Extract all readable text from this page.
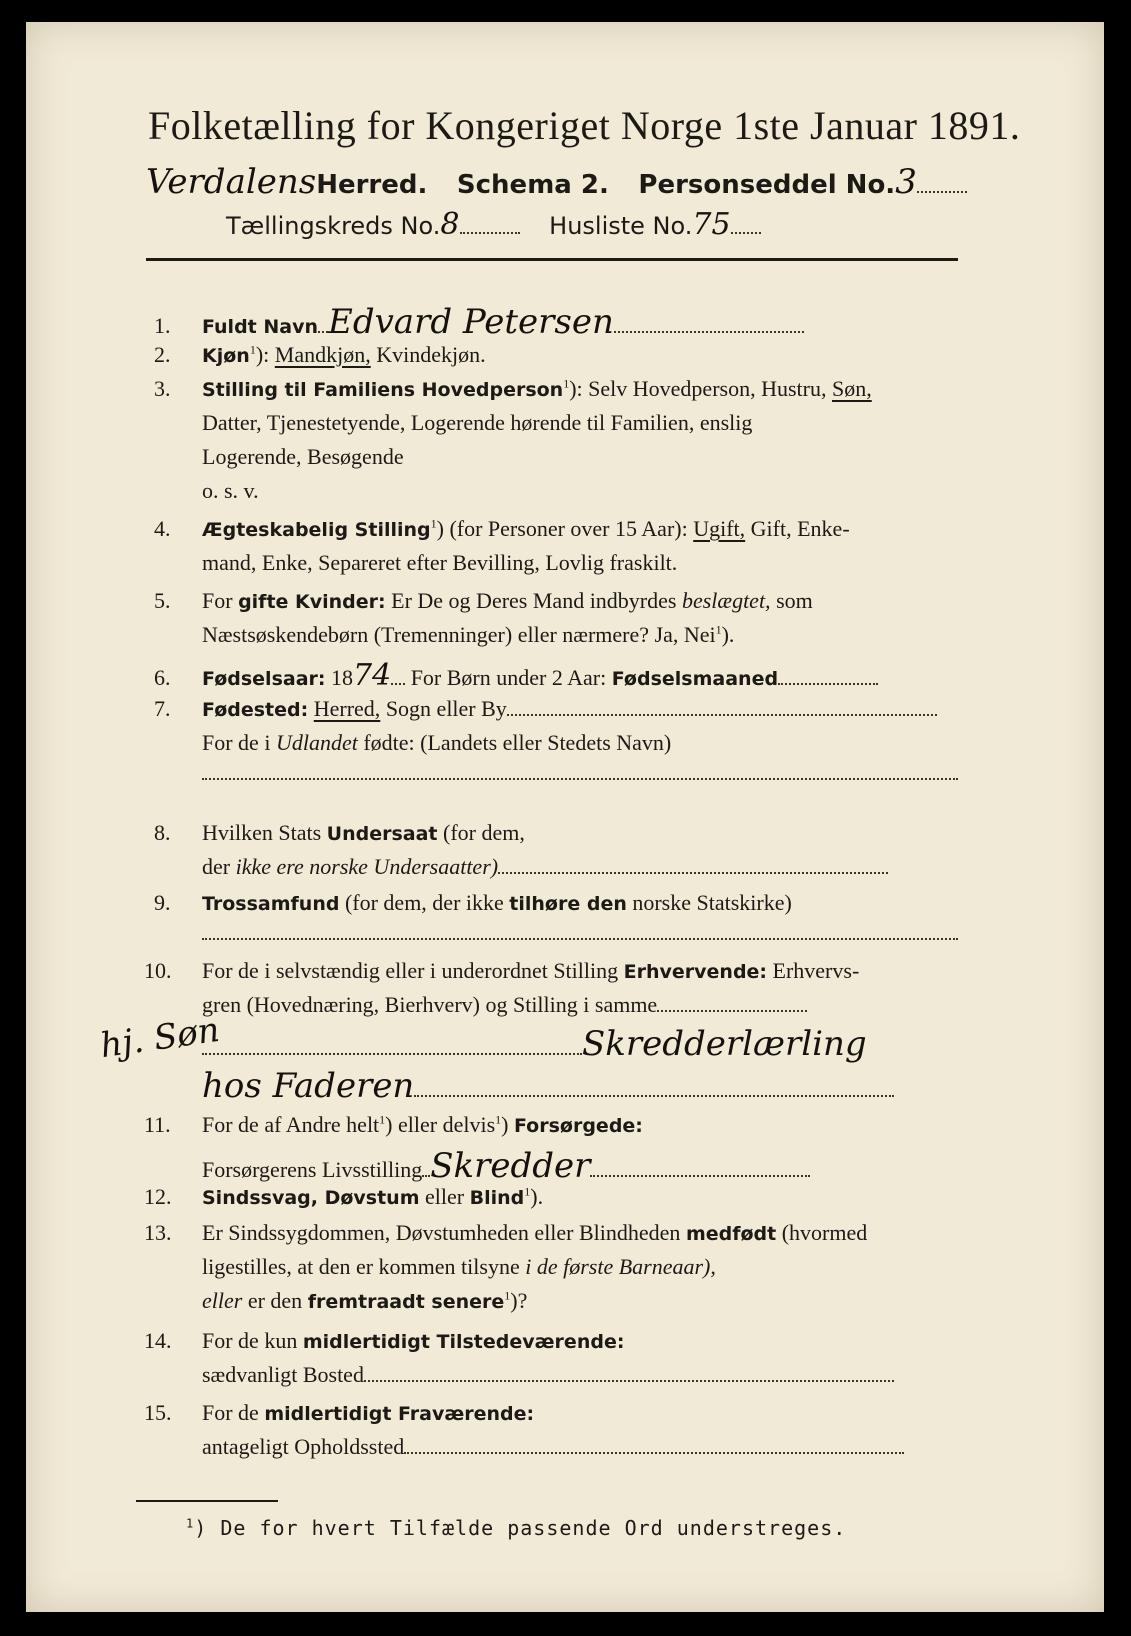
Folketælling for Kongeriget Norge 1ste Januar 1891.
VerdalensHerred. Schema 2. Personseddel No.3
Tællingskreds No.8	Husliste No.75
1. Fuldt Navn Edvard Petersen
2. Kjøn$^1$): Mandkjøn, Kvindekjøn.
3. Stilling til Familiens Hovedperson$^1$): Selv Hovedperson, Hustru, Søn,
Datter, Tjenestetyende, Logerende hørende til Familien, enslig
Logerende, Besøgende
o. s. v.
4. Ægteskabelig Stilling$^1$) (for Personer over 15 Aar): Ugift, Gift, Enke-
mand, Enke, Separeret efter Bevilling, Lovlig fraskilt.
5. For gifte Kvinder: Er De og Deres Mand indbyrdes beslægtet, som
Næstsøskendebørn (Tremenninger) eller nærmere? Ja, Nei$^1$).
6. Fødselsaar: 1874 For Børn under 2 Aar: Fødselsmaaned
7. Fødested: Herred, Sogn eller By
For de i Udlandet fødte: (Landets eller Stedets Navn)
8. Hvilken Stats Undersaat (for dem,
der ikke ere norske Undersaatter)
9. Trossamfund (for dem, der ikke tilhøre den norske Statskirke)
10. For de i selvstændig eller i underordnet Stilling Erhvervende: Erhvervs-
gren (Hovednæring, Bierhverv) og Stilling i samme
hj. Søn	Skredderlærling
hos Faderen
11. For de af Andre helt$^1$) eller delvis$^1$) Forsørgede:
Forsørgerens Livsstilling Skredder
12. Sindssvag, Døvstum eller Blind$^1$).
13. Er Sindssygdommen, Døvstumheden eller Blindheden medfødt (hvormed
ligestilles, at den er kommen tilsyne i de første Barneaar),
eller er den fremtraadt senere$^1$)?
14. For de kun midlertidigt Tilstedeværende:
sædvanligt Bosted
15. For de midlertidigt Fraværende:
antageligt Opholdssted
$^1$) De for hvert Tilfælde passende Ord understreges.
